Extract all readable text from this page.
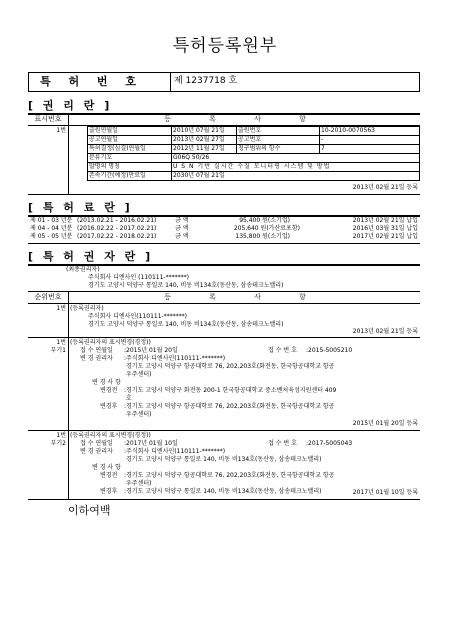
특허등록원부
특 허 번 호	제 1237718 호
[ 권 리 란 ]
표시번호	등 록 사 항
1번	출원연월일	2010년 07월 21일 출원번호	10-2010-0070563
공고연월일	2013년 02월 27일 공고번호	-
특허결정(심결)연월일	2012년 11월 27일 청구범위의 항수	7
분류기호	G06Q 50/26
발명의 명칭	U S N 기반 실시간 수질 모니터링 시스템 및 방법
존속기간(예정)만료일	2030년 07월 21일
2013년 02월 21일 등록
[ 특 허 료 란 ]
제 01 - 03 년분 (2013.02.21 - 2016.02.21)	금 액	95,400 원(소기업)	2013년 02월 21일 납입
제 04 - 04 년분 (2016.02.22 - 2017.02.21)	금 액	205,640 원(가산료포함)	2016년 03월 31일 납입
제 05 - 05 년분 (2017.02.22 - 2018.02.21)	금 액	135,800 원(소기업)	2017년 02월 21일 납입
[ 특 허 권 자 란 ]
(최종권리자)
주식회사 디엔사인 (110111-*******)
경기도 고양시 덕양구 통일로 140, 비동 비134호(동산동, 삼송테크노밸리)
순위번호	등 록 사 항
1번 (등록권리자)
주식회사 디엔사인(110111-*******)
경기도 고양시 덕양구 통일로 140, 비동 비134호(동산동, 삼송테크노밸리)
2013년 02월 21일 등록
1번
부기1
(등록권리자의 표시변경(경정))
접 수 연월일 :2015년 01월 20일	접 수 번 호 :2015-5005210
변 경 권리자 :주식회사 디엔사인(110111-*******)
경기도 고양시 덕양구 항공대학로 76, 202,203호(화전동, 한국항공대학교 항공
우주센터)
변 경 사 항
변경전 :경기도 고양시 덕양구 화전동 200-1 한국항공대학교 중소벤처육성지원센터 409
호
변경후 :경기도 고양시 덕양구 항공대학로 76, 202,203호(화전동, 한국항공대학교 항공
우주센터)
2015년 01월 20일 등록
1번
부기2
(등록권리자의 표시변경(경정))
접 수 연월일 :2017년 01월 10일	접 수 번 호 :2017-5005043
변 경 권리자 :주식회사 디엔사인(110111-*******)
경기도 고양시 덕양구 통일로 140, 비동 비134호(동산동, 삼송테크노밸리)
변 경 사 항
변경전 :경기도 고양시 덕양구 항공대학로 76, 202,203호(화전동, 한국항공대학교 항공
우주센터)
변경후 :경기도 고양시 덕양구 통일로 140, 비동 비134호(동산동, 삼송테크노밸리)	2017년 01월 10일 등록
이하여백
